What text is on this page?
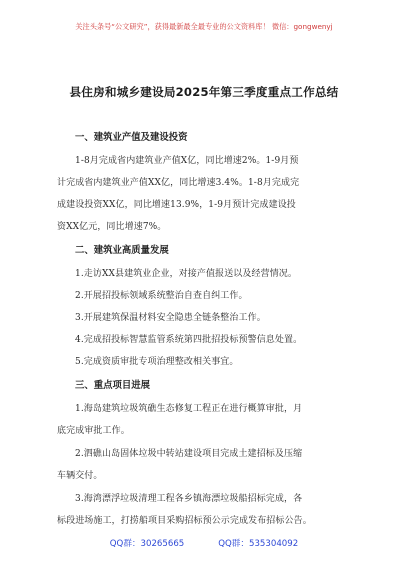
关注头条号“公文研究”，获得最新最全最专业的公文资料库！ 微信：gongwenyj
县住房和城乡建设局2025年第三季度重点工作总结
一、建筑业产值及建设投资
1-8月完成省内建筑业产值X亿，同比增速2%。1-9月预
计完成省内建筑业产值XX亿，同比增速3.4%。1-8月完成完
成建设投资XX亿，同比增速13.9%，1-9月预计完成建设投
资XX亿元，同比增速7%。
二、建筑业高质量发展
1.走访XX县建筑业企业，对接产值报送以及经营情况。
2.开展招投标领域系统整治自查自纠工作。
3.开展建筑保温材料安全隐患全链条整治工作。
4.完成招投标智慧监管系统第四批招投标预警信息处置。
5.完成资质审批专项治理整改相关事宜。
三、重点项目进展
1.海岛建筑垃圾筑礁生态修复工程正在进行概算审批，月
底完成审批工作。
2.泗礁山岛固体垃圾中转站建设项目完成土建招标及压缩
车辆交付。
3.海湾漂浮垃圾清理工程各乡镇海漂垃圾船招标完成，各
标段进场施工，打捞船项目采购招标预公示完成发布招标公告。
QQ群：30265665	QQ群：535304092
